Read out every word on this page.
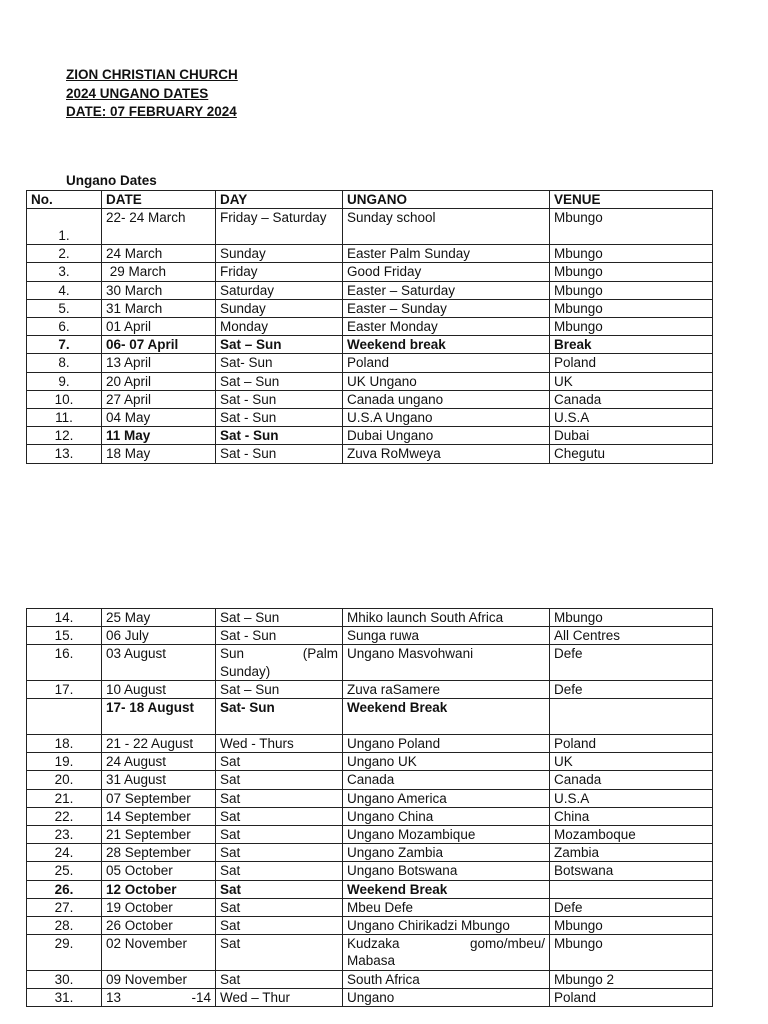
ZION CHRISTIAN CHURCH
2024 UNGANO DATES
DATE: 07 FEBRUARY 2024
Ungano Dates
No.	DATE	DAY	UNGANO	VENUE
1.	22- 24 March	Friday – Saturday	Sunday school	Mbungo
2.	24 March	Sunday	Easter Palm Sunday	Mbungo
3.	29 March	Friday	Good Friday	Mbungo
4.	30 March	Saturday	Easter – Saturday	Mbungo
5.	31 March	Sunday	Easter – Sunday	Mbungo
6.	01 April	Monday	Easter Monday	Mbungo
7.	06- 07 April	Sat – Sun	Weekend break	Break
8.	13 April	Sat- Sun	Poland	Poland
9.	20 April	Sat – Sun	UK Ungano	UK
10.	27 April	Sat - Sun	Canada ungano	Canada
11.	04 May	Sat - Sun	U.S.A Ungano	U.S.A
12.	11 May	Sat - Sun	Dubai Ungano	Dubai
13.	18 May	Sat - Sun	Zuva RoMweya	Chegutu
14.	25 May	Sat – Sun	Mhiko launch South Africa	Mbungo
15.	06 July	Sat - Sun	Sunga ruwa	All Centres
16.	03 August	Sun (Palm
Sunday)	Ungano Masvohwani	Defe
17.	10 August	Sat – Sun	Zuva raSamere	Defe
	17- 18 August	Sat- Sun	Weekend Break	
18.	21 - 22 August	Wed - Thurs	Ungano Poland	Poland
19.	24 August	Sat	Ungano UK	UK
20.	31 August	Sat	Canada	Canada
21.	07 September	Sat	Ungano America	U.S.A
22.	14 September	Sat	Ungano China	China
23.	21 September	Sat	Ungano Mozambique	Mozamboque
24.	28 September	Sat	Ungano Zambia	Zambia
25.	05 October	Sat	Ungano Botswana	Botswana
26.	12 October	Sat	Weekend Break	
27.	19 October	Sat	Mbeu Defe	Defe
28.	26 October	Sat	Ungano Chirikadzi Mbungo	Mbungo
29.	02 November	Sat	Kudzaka gomo/mbeu/
Mabasa	Mbungo
30.	09 November	Sat	South Africa	Mbungo 2
31.	13 -14	Wed – Thur	Ungano	Poland
